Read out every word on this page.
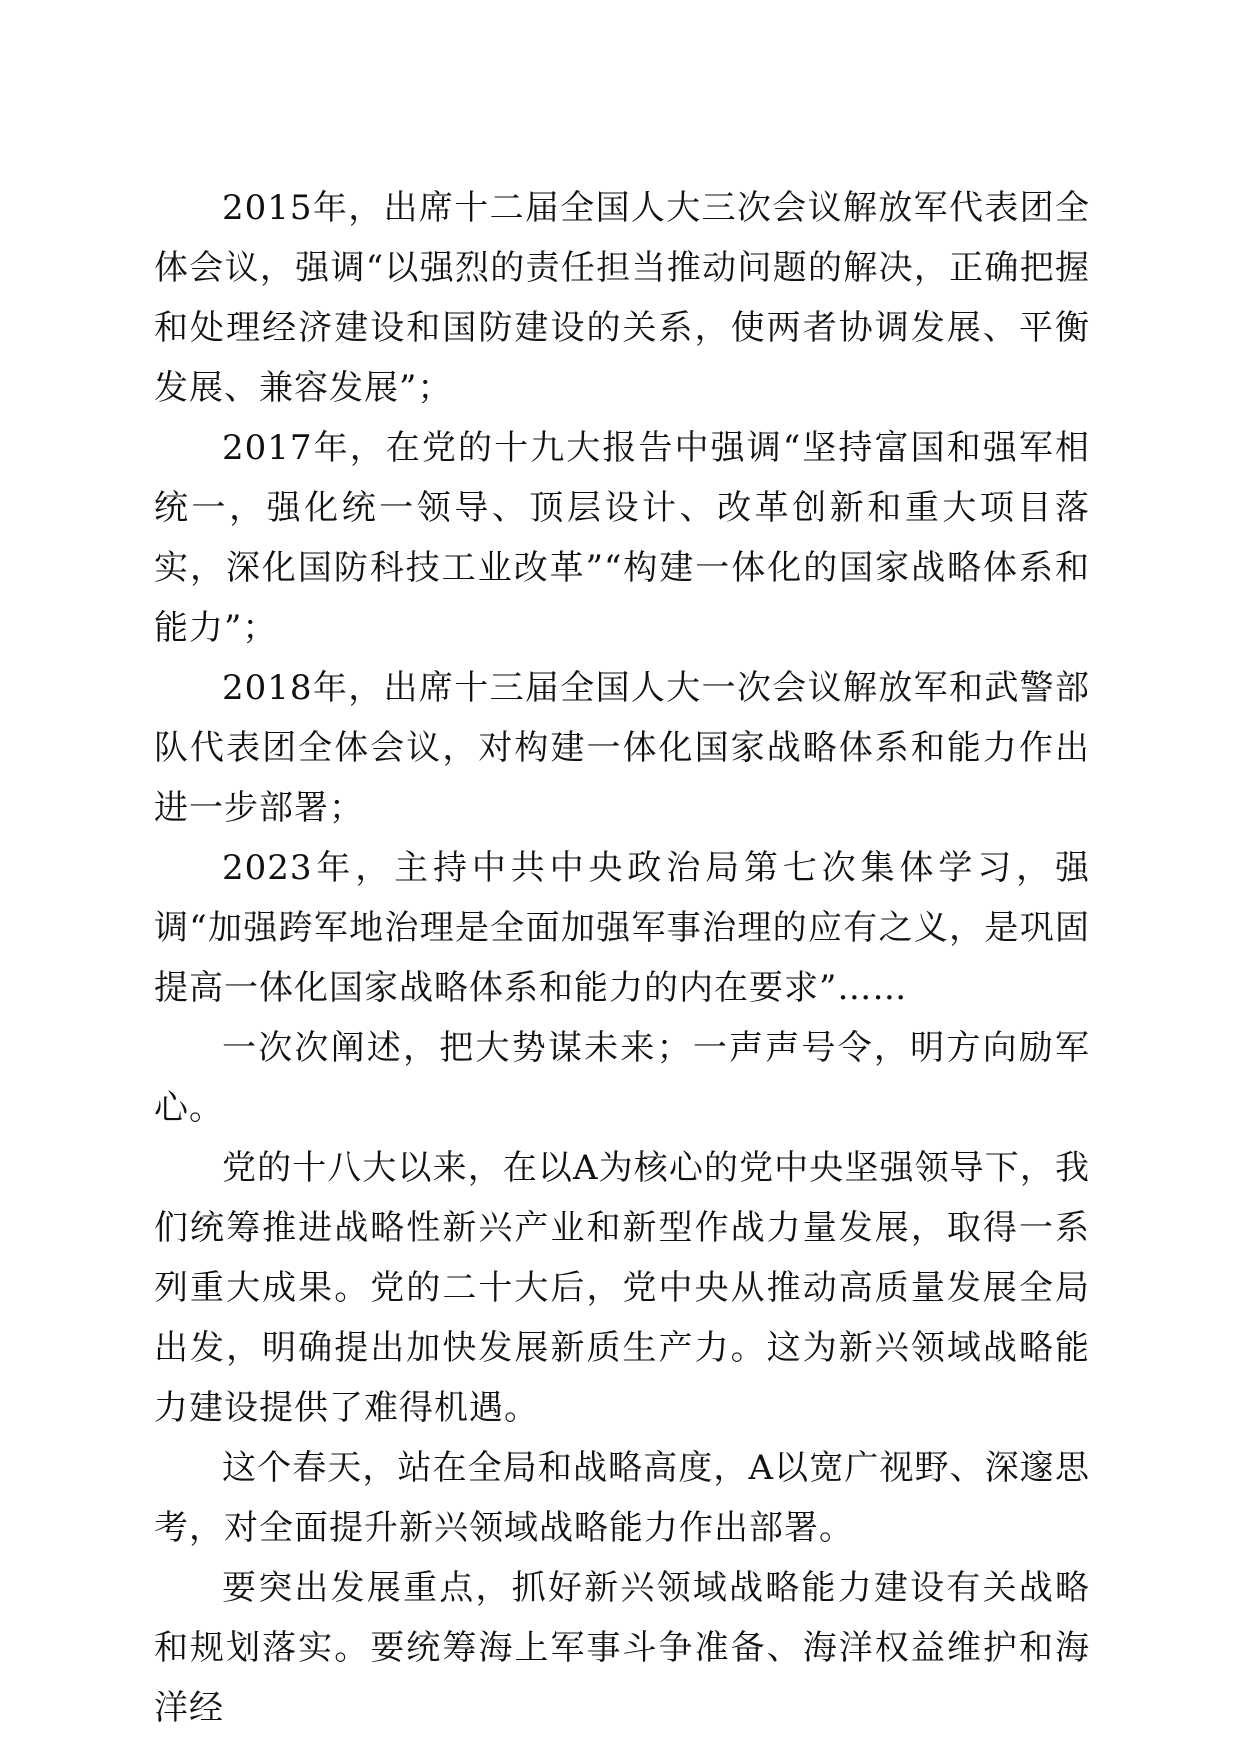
2015年，出席十二届全国人大三次会议解放军代表团全体会议，强调“以强烈的责任担当推动问题的解决，正确把握和处理经济建设和国防建设的关系，使两者协调发展、平衡发展、兼容发展”；

2017年，在党的十九大报告中强调“坚持富国和强军相统一，强化统一领导、顶层设计、改革创新和重大项目落实，深化国防科技工业改革”“构建一体化的国家战略体系和能力”；

2018年，出席十三届全国人大一次会议解放军和武警部队代表团全体会议，对构建一体化国家战略体系和能力作出进一步部署；

2023年，主持中共中央政治局第七次集体学习，强调“加强跨军地治理是全面加强军事治理的应有之义，是巩固提高一体化国家战略体系和能力的内在要求”……

一次次阐述，把大势谋未来；一声声号令，明方向励军心。

党的十八大以来，在以A为核心的党中央坚强领导下，我们统筹推进战略性新兴产业和新型作战力量发展，取得一系列重大成果。党的二十大后，党中央从推动高质量发展全局出发，明确提出加快发展新质生产力。这为新兴领域战略能力建设提供了难得机遇。

这个春天，站在全局和战略高度，A以宽广视野、深邃思考，对全面提升新兴领域战略能力作出部署。

要突出发展重点，抓好新兴领域战略能力建设有关战略和规划落实。要统筹海上军事斗争准备、海洋权益维护和海洋经
